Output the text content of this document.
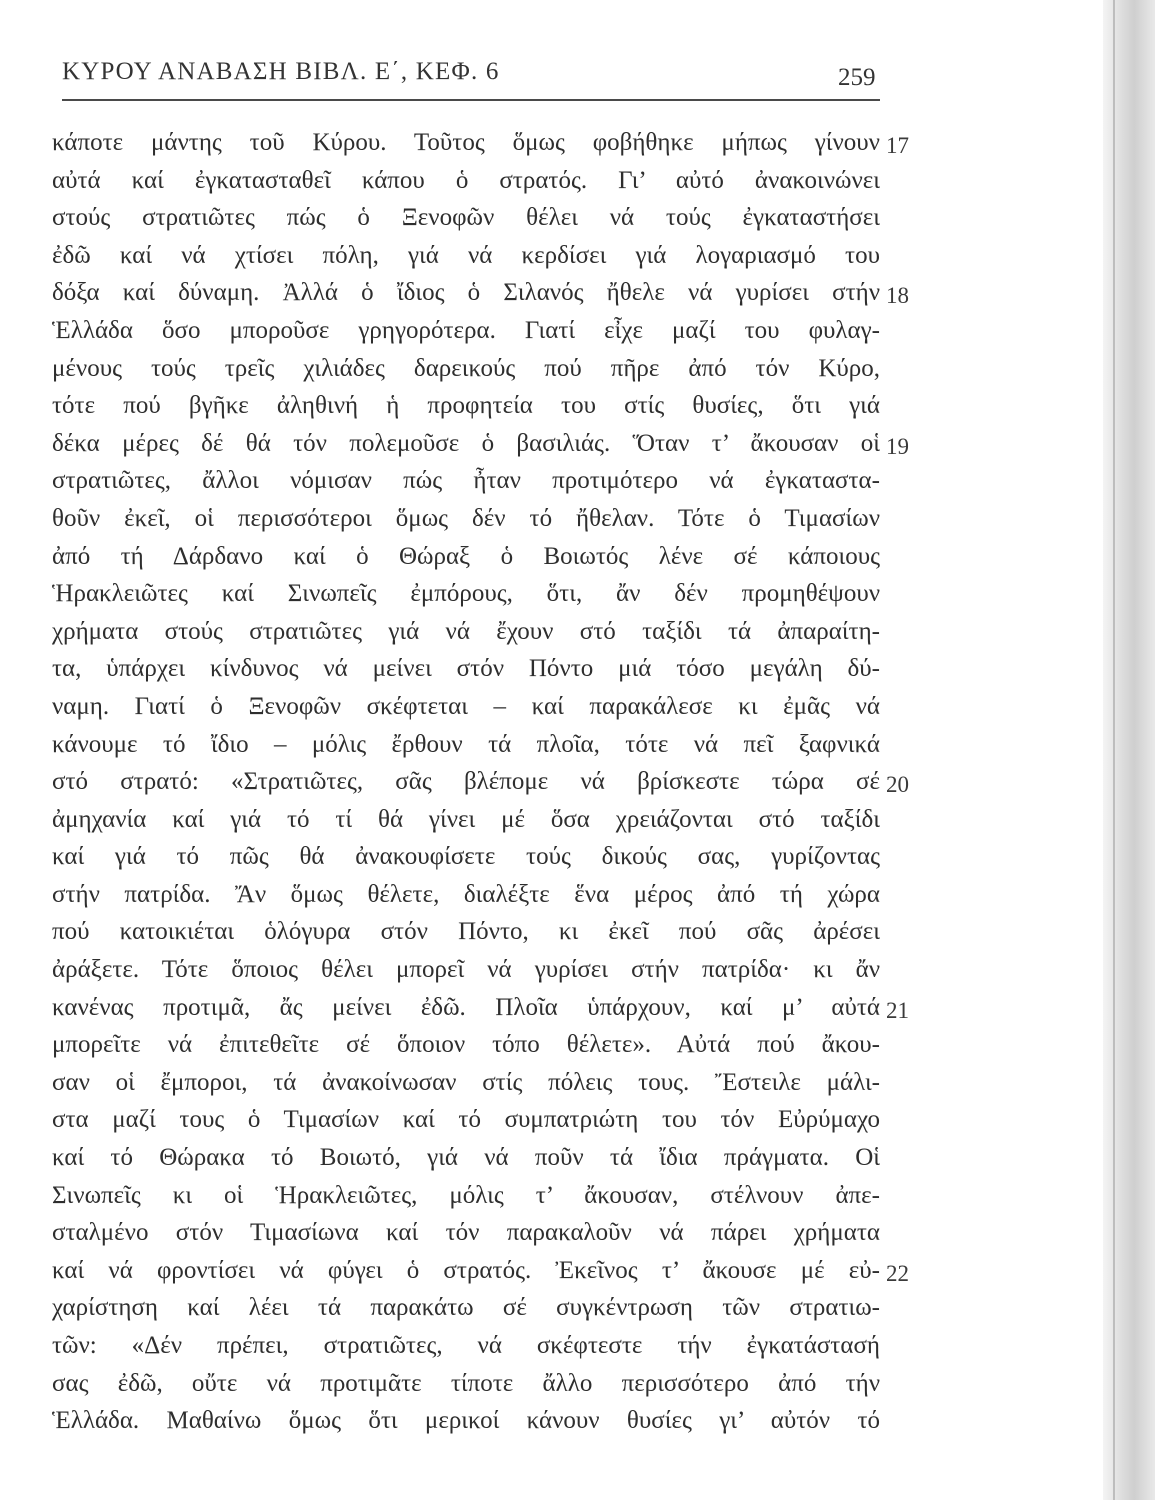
ΚΥΡΟΥ ΑΝΑΒΑΣΗ ΒΙΒΛ. Ε΄, ΚΕΦ. 6	259
κάποτε μάντης τοῦ Κύρου. Τοῦτος ὅμως φοβήθηκε μήπως γίνουν
αὐτά καί ἐγκατασταθεῖ κάπου ὁ στρατός. Γι’ αὐτό ἀνακοινώνει
στούς στρατιῶτες πώς ὁ Ξενοφῶν θέλει νά τούς ἐγκαταστήσει
ἐδῶ καί νά χτίσει πόλη, γιά νά κερδίσει γιά λογαριασμό του
δόξα καί δύναμη. Ἀλλά ὁ ἴδιος ὁ Σιλανός ἤθελε νά γυρίσει στήν
Ἑλλάδα ὅσο μποροῦσε γρηγορότερα. Γιατί εἶχε μαζί του φυλαγ-
μένους τούς τρεῖς χιλιάδες δαρεικούς πού πῆρε ἀπό τόν Κύρο,
τότε πού βγῆκε ἀληθινή ἡ προφητεία του στίς θυσίες, ὅτι γιά
δέκα μέρες δέ θά τόν πολεμοῦσε ὁ βασιλιάς. Ὅταν τ’ ἄκουσαν οἱ
στρατιῶτες, ἄλλοι νόμισαν πώς ἦταν προτιμότερο νά ἐγκαταστα-
θοῦν ἐκεῖ, οἱ περισσότεροι ὅμως δέν τό ἤθελαν. Τότε ὁ Τιμασίων
ἀπό τή Δάρδανο καί ὁ Θώραξ ὁ Βοιωτός λένε σέ κάποιους
Ἡρακλειῶτες καί Σινωπεῖς ἐμπόρους, ὅτι, ἄν δέν προμηθέψουν
χρήματα στούς στρατιῶτες γιά νά ἔχουν στό ταξίδι τά ἀπαραίτη-
τα, ὑπάρχει κίνδυνος νά μείνει στόν Πόντο μιά τόσο μεγάλη δύ-
ναμη. Γιατί ὁ Ξενοφῶν σκέφτεται – καί παρακάλεσε κι ἐμᾶς νά
κάνουμε τό ἴδιο – μόλις ἔρθουν τά πλοῖα, τότε νά πεῖ ξαφνικά
στό στρατό: «Στρατιῶτες, σᾶς βλέπομε νά βρίσκεστε τώρα σέ
ἀμηχανία καί γιά τό τί θά γίνει μέ ὅσα χρειάζονται στό ταξίδι
καί γιά τό πῶς θά ἀνακουφίσετε τούς δικούς σας, γυρίζοντας
στήν πατρίδα. Ἄν ὅμως θέλετε, διαλέξτε ἕνα μέρος ἀπό τή χώρα
πού κατοικιέται ὁλόγυρα στόν Πόντο, κι ἐκεῖ πού σᾶς ἀρέσει
ἀράξετε. Τότε ὅποιος θέλει μπορεῖ νά γυρίσει στήν πατρίδα· κι ἄν
κανένας προτιμᾶ, ἄς μείνει ἐδῶ. Πλοῖα ὑπάρχουν, καί μ’ αὐτά
μπορεῖτε νά ἐπιτεθεῖτε σέ ὅποιον τόπο θέλετε». Αὐτά πού ἄκου-
σαν οἱ ἔμποροι, τά ἀνακοίνωσαν στίς πόλεις τους. Ἔστειλε μάλι-
στα μαζί τους ὁ Τιμασίων καί τό συμπατριώτη του τόν Εὐρύμαχο
καί τό Θώρακα τό Βοιωτό, γιά νά ποῦν τά ἴδια πράγματα. Οἱ
Σινωπεῖς κι οἱ Ἡρακλειῶτες, μόλις τ’ ἄκουσαν, στέλνουν ἀπε-
σταλμένο στόν Τιμασίωνα καί τόν παρακαλοῦν νά πάρει χρήματα
καί νά φροντίσει νά φύγει ὁ στρατός. Ἐκεῖνος τ’ ἄκουσε μέ εὐ-
χαρίστηση καί λέει τά παρακάτω σέ συγκέντρωση τῶν στρατιω-
τῶν: «Δέν πρέπει, στρατιῶτες, νά σκέφτεστε τήν ἐγκατάστασή
σας ἐδῶ, οὔτε νά προτιμᾶτε τίποτε ἄλλο περισσότερο ἀπό τήν
Ἑλλάδα. Μαθαίνω ὅμως ὅτι μερικοί κάνουν θυσίες γι’ αὐτόν τό
17
18
19
20
21
22
